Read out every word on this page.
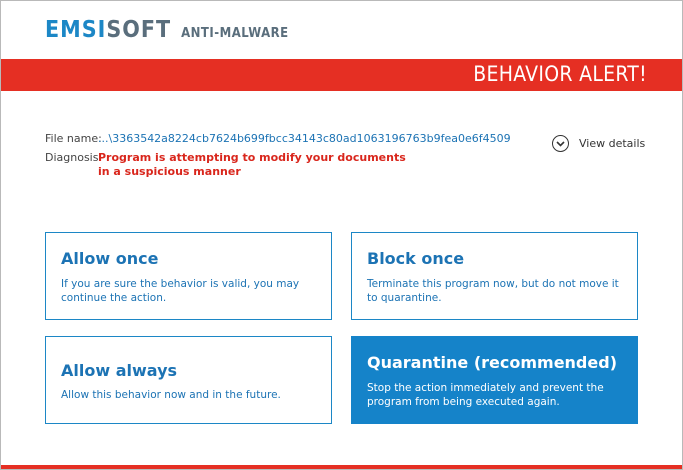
EMSISOFT ANTI-MALWARE
BEHAVIOR ALERT!
File name:
...\3363542a8224cb7624b699fbcc34143c80ad1063196763b9fea0e6f4509
Diagnosis:
Program is attempting to modify your documents in a suspicious manner
View details
Allow once
If you are sure the behavior is valid, you may continue the action.
Block once
Terminate this program now, but do not move it to quarantine.
Allow always
Allow this behavior now and in the future.
Quarantine (recommended)
Stop the action immediately and prevent the program from being executed again.
